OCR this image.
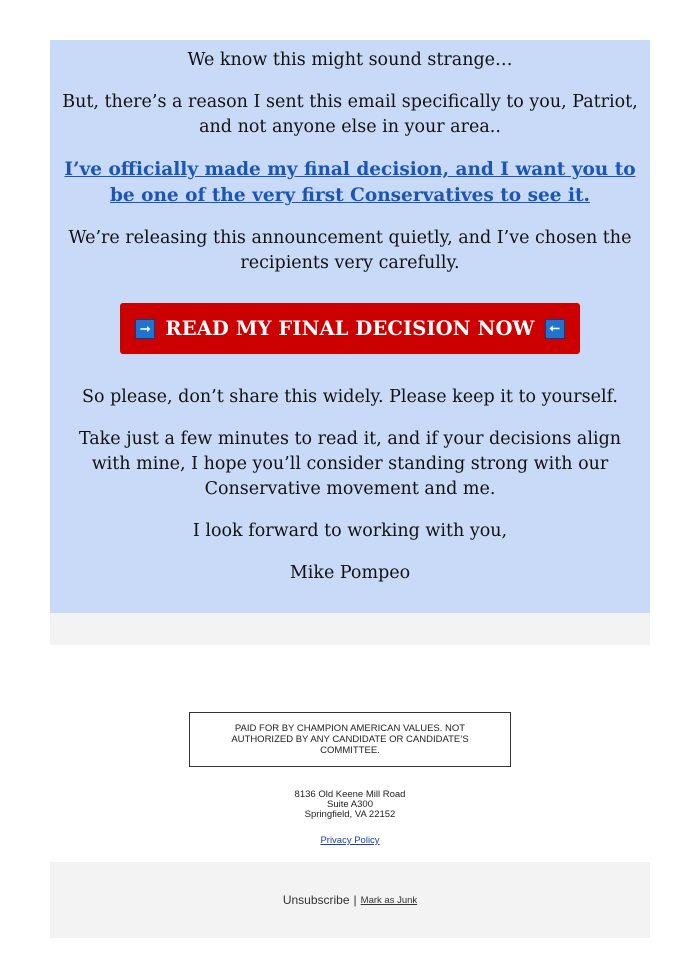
We know this might sound strange…

But, there’s a reason I sent this email specifically to you, Patriot, and not anyone else in your area..

I’ve officially made my final decision, and I want you to be one of the very first Conservatives to see it.

We’re releasing this announcement quietly, and I’ve chosen the recipients very carefully.

⭢ READ MY FINAL DECISION NOW	⭠

So please, don’t share this widely. Please keep it to yourself.

Take just a few minutes to read it, and if your decisions align with mine, I hope you’ll consider standing strong with our Conservative movement and me.

I look forward to working with you,

Mike Pompeo

PAID FOR BY CHAMPION AMERICAN VALUES. NOT AUTHORIZED BY ANY CANDIDATE OR CANDIDATE’S COMMITTEE.
8136 Old Keene Mill Road
Suite A300
Springfield, VA 22152
Privacy Policy
Unsubscribe | Mark as Junk
